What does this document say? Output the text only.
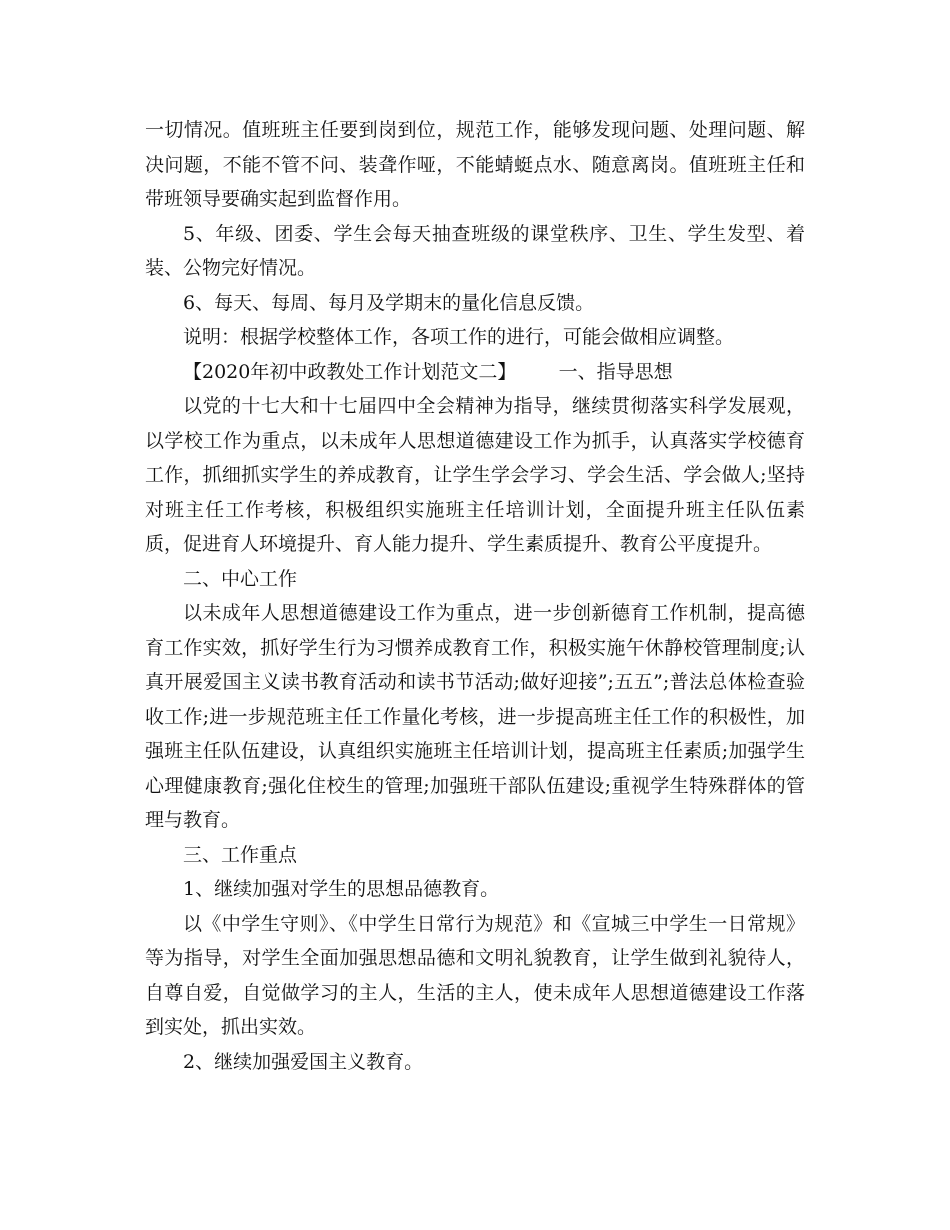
一切情况。值班班主任要到岗到位，规范工作，能够发现问题、处理问题、解决问题，不能不管不问、装聋作哑，不能蜻蜓点水、随意离岗。值班班主任和带班领导要确实起到监督作用。

5、年级、团委、学生会每天抽查班级的课堂秩序、卫生、学生发型、着装、公物完好情况。

6、每天、每周、每月及学期末的量化信息反馈。

说明：根据学校整体工作，各项工作的进行，可能会做相应调整。

【2020年初中政教处工作计划范文二】       一、指导思想

以党的十七大和十七届四中全会精神为指导，继续贯彻落实科学发展观，以学校工作为重点，以未成年人思想道德建设工作为抓手，认真落实学校德育工作，抓细抓实学生的养成教育，让学生学会学习、学会生活、学会做人;坚持对班主任工作考核，积极组织实施班主任培训计划，全面提升班主任队伍素质，促进育人环境提升、育人能力提升、学生素质提升、教育公平度提升。

二、中心工作

以未成年人思想道德建设工作为重点，进一步创新德育工作机制，提高德育工作实效，抓好学生行为习惯养成教育工作，积极实施午休静校管理制度;认真开展爱国主义读书教育活动和读书节活动;做好迎接”;五五”;普法总体检查验收工作;进一步规范班主任工作量化考核，进一步提高班主任工作的积极性，加强班主任队伍建设，认真组织实施班主任培训计划，提高班主任素质;加强学生心理健康教育;强化住校生的管理;加强班干部队伍建设;重视学生特殊群体的管理与教育。

三、工作重点

1、继续加强对学生的思想品德教育。

以《中学生守则》、《中学生日常行为规范》和《宣城三中学生一日常规》等为指导，对学生全面加强思想品德和文明礼貌教育，让学生做到礼貌待人，自尊自爱，自觉做学习的主人，生活的主人，使未成年人思想道德建设工作落到实处，抓出实效。

2、继续加强爱国主义教育。
